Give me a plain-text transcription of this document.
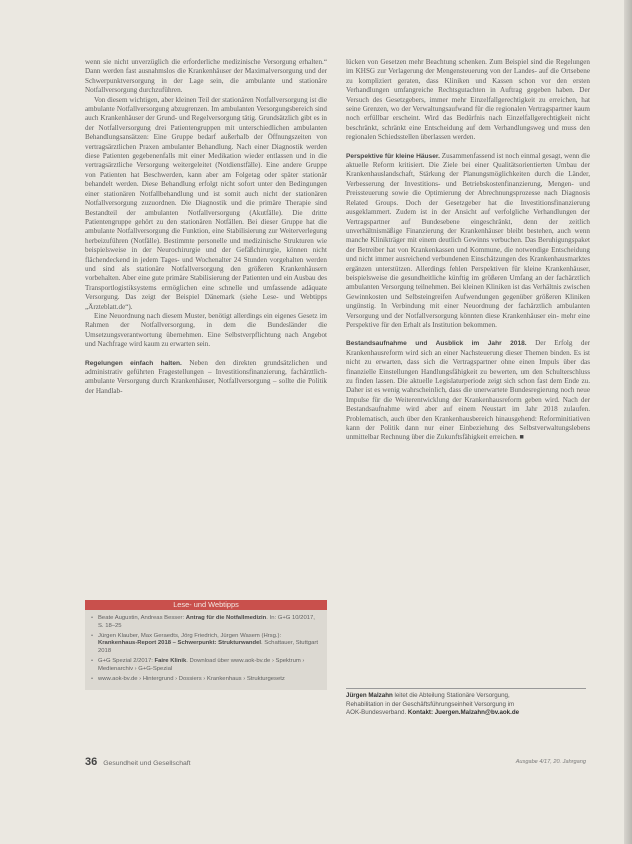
wenn sie nicht unverzüglich die erforderliche medizinische Versorgung erhalten.“ Dann werden fast ausnahmslos die Krankenhäuser der Maximalversorgung und der Schwerpunktversorgung in der Lage sein, die ambulante und stationäre Notfallversorgung durchzuführen.

Von diesem wichtigen, aber kleinen Teil der stationären Notfallversorgung ist die ambulante Notfallversorgung abzugrenzen. Im ambulanten Versorgungsbereich sind auch Krankenhäuser der Grund- und Regelversorgung tätig. Grundsätzlich gibt es in der Notfallversorgung drei Patientengruppen mit unterschiedlichen ambulanten Behandlungsansätzen: Eine Gruppe bedarf außerhalb der Öffnungszeiten von vertragsärztlichen Praxen ambulanter Behandlung. Nach einer Diagnostik werden diese Patienten gegebenenfalls mit einer Medikation wieder entlassen und in die vertragsärztliche Versorgung weitergeleitet (Notdienstfälle). Eine andere Gruppe von Patienten hat Beschwerden, kann aber am Folgetag oder später stationär behandelt werden. Diese Behandlung erfolgt nicht sofort unter den Bedingungen einer stationären Notfallbehandlung und ist somit auch nicht der stationären Notfallversorgung zuzuordnen. Die Diagnostik und die primäre Therapie sind Bestandteil der ambulanten Notfallversorgung (Akutfälle). Die dritte Patientengruppe gehört zu den stationären Notfällen. Bei dieser Gruppe hat die ambulante Notfallversorgung die Funktion, eine Stabilisierung zur Weiterverlegung herbeizuführen (Notfälle). Bestimmte personelle und medizinische Strukturen wie beispielsweise in der Neurochirurgie und der Gefäßchirurgie, können nicht flächendeckend in jedem Tages- und Wochenalter 24 Stunden vorgehalten werden und sind als stationäre Notfallversorgung den größeren Krankenhäusern vorbehalten. Aber eine gute primäre Stabilisierung der Patienten und ein Ausbau des Transportlogistiksystems ermöglichen eine schnelle und umfassende adäquate Versorgung. Das zeigt der Beispiel Dänemark (siehe Lese- und Webtipps „Ärzteblatt.de“).

Eine Neuordnung nach diesem Muster, benötigt allerdings ein eigenes Gesetz im Rahmen der Notfallversorgung, in dem die Bundesländer die Umsetzungsverantwortung übernehmen. Eine Selbstverpflichtung nach Angebot und Nachfrage wird kaum zu erwarten sein.

Regelungen einfach halten. Neben den direkten grundsätzlichen und administrativ geführten Fragestellungen – Investitionsfinanzierung, fachärztlich-ambulante Versorgung durch Krankenhäuser, Notfallversorgung – sollte die Politik der Handlab-

Lese- und Webtipps
• Beate Augustin, Andreas Besser: Antrag für die Notfallmedizin. In: G+G 10/2017, S. 18–25
• Jürgen Klauber, Max Geraedts, Jörg Friedrich, Jürgen Wasem (Hrsg.): Krankenhaus-Report 2018 – Schwerpunkt: Strukturwandel. Schattauer, Stuttgart 2018
• G+G Spezial 2/2017: Faire Klinik. Download über www.aok-bv.de › Spektrum › Medienarchiv › G+G-Spezial
• www.aok-bv.de › Hintergrund › Dossiers › Krankenhaus › Strukturgesetz

lücken von Gesetzen mehr Beachtung schenken. Zum Beispiel sind die Regelungen im KHSG zur Verlagerung der Mengensteuerung von der Landes- auf die Ortsebene zu kompliziert geraten, dass Kliniken und Kassen schon vor den ersten Verhandlungen umfangreiche Rechtsgutachten in Auftrag gegeben haben. Der Versuch des Gesetzgebers, immer mehr Einzelfallgerechtigkeit zu erreichen, hat seine Grenzen, wo der Verwaltungsaufwand für die regionalen Vertragspartner kaum noch erfüllbar erscheint. Wird das Bedürfnis nach Einzelfallgerechtigkeit nicht beschränkt, schränkt eine Entscheidung auf dem Verhandlungsweg und muss den regionalen Schiedsstellen überlassen werden.

Perspektive für kleine Häuser. Zusammenfassend ist noch einmal gesagt, wenn die aktuelle Reform kritisiert. Die Ziele bei einer Qualitätsorientierten Umbau der Krankenhauslandschaft, Stärkung der Planungsmöglichkeiten durch die Länder, Verbesserung der Investitions- und Betriebskostenfinanzierung, Mengen- und Preissteuerung sowie die Optimierung der Abrechnungsprozesse nach Diagnosis Related Groups. Doch der Gesetzgeber hat die Investitionsfinanzierung ausgeklammert. Zudem ist in der Ansicht auf verfolgliche Verhandlungen der Vertragspartner auf Bundesebene eingeschränkt, denn der zeitlich unverhältnismäßige Finanzierung der Krankenhäuser bleibt bestehen, auch wenn manche Klinikträger mit einem deutlich Gewinns verbuchen. Das Beruhigungspaket der Betreiber hat von Krankenkassen und Kommune, die notwendige Entscheidung und nicht immer ausreichend verbundenen Einschätzungen des Krankenhausmarktes ergänzen unterstützen. Allerdings fehlen Perspektiven für kleine Krankenhäuser, beispielsweise die gesundheitliche künftig im größeren Umfang an der fachärztlich ambulanten Versorgung teilnehmen. Bei kleinen Kliniken ist das Verhältnis zwischen Gewinnkosten und Selbsteingreifen Aufwendungen gegenüber größeren Kliniken ungünstig. In Verbindung mit einer Neuordnung der fachärztlich ambulanten Versorgung und der Notfallversorgung könnten diese Krankenhäuser ein- mehr eine Perspektive für den Erhalt als Institution bekommen.

Bestandsaufnahme und Ausblick im Jahr 2018. Der Erfolg der Krankenhausreform wird sich an einer Nachsteuerung dieser Themen binden. Es ist nicht zu erwarten, dass sich die Vertragspartner ohne einen Impuls über das finanzielle Einstellungen Handlungsfähigkeit zu bewerten, um den Schulterschluss zu finden lassen. Die aktuelle Legislaturperiode zeigt sich schon fast dem Ende zu. Daher ist es wenig wahrscheinlich, dass die unerwartete Bundesregierung noch neue Impulse für die Weiterentwicklung der Krankenhausreform geben wird. Nach der Bestandsaufnahme wird aber auf einem Neustart im Jahr 2018 zulaufen. Problematisch, auch über den Krankenhausbereich hinausgehend: Reforminitiativen kann der Politik dann nur einer Einbeziehung des Selbstverwaltungslebens unmittelbar Rechnung über die Zukunftsfähigkeit erreichen. ■

Jürgen Malzahn leitet die Abteilung Stationäre Versorgung,
Rehabilitation in der Geschäftsführungseinheit Versorgung im
AOK-Bundesverband. Kontakt: Juergen.Malzahn@bv.aok.de
36 Gesundheit und Gesellschaft	Ausgabe 4/17, 20. Jahrgang
